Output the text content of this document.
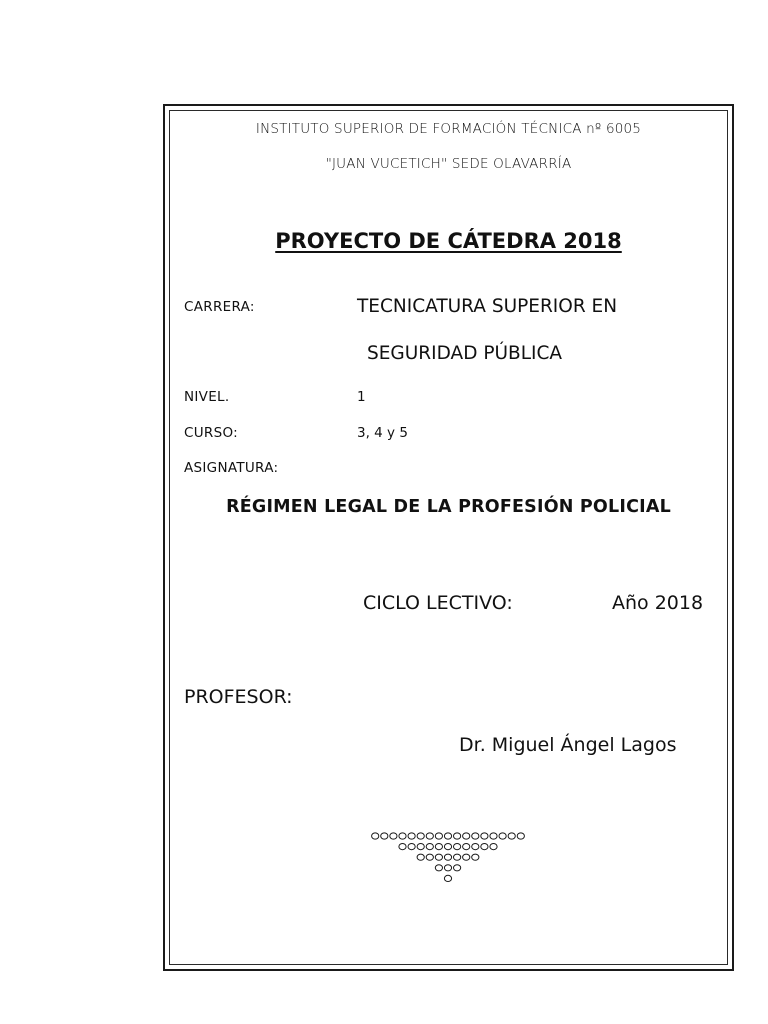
INSTITUTO SUPERIOR DE FORMACIÓN TÉCNICA nº 6005
"JUAN VUCETICH" SEDE OLAVARRÍA
PROYECTO DE CÁTEDRA 2018
CARRERA:	TECNICATURA SUPERIOR EN
SEGURIDAD PÚBLICA
NIVEL.	1
CURSO:	3, 4 y 5
ASIGNATURA:
RÉGIMEN LEGAL DE LA PROFESIÓN POLICIAL
CICLO LECTIVO:	Año 2018
PROFESOR:
Dr. Miguel Ángel Lagos
